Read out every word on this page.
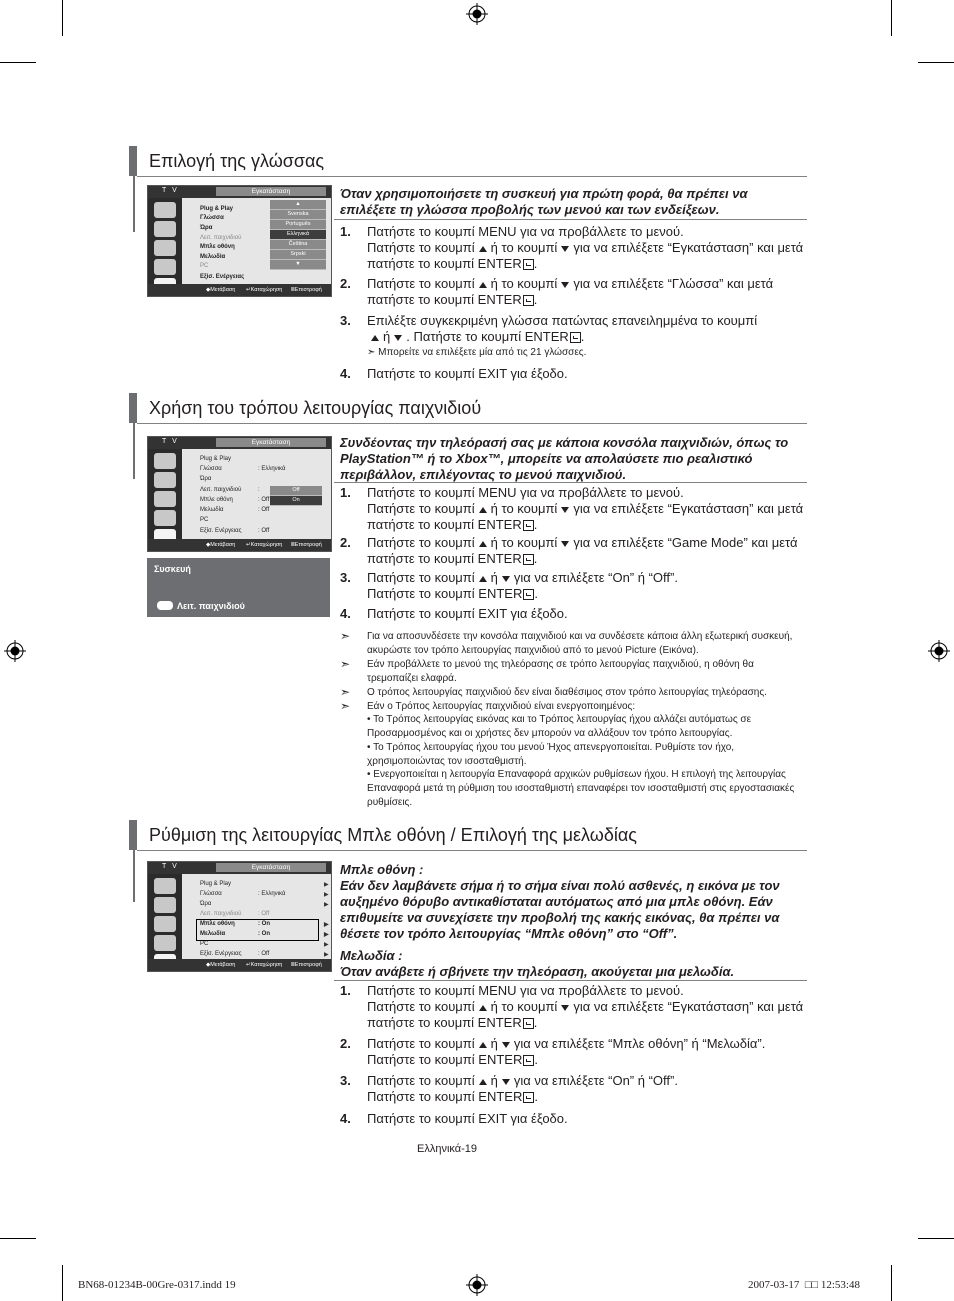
Επιλογή της γλώσσας
T V	Εγκατάσταση
Plug & Play
Γλώσσα
Ώρα
Λειτ. παιχνιδιού
Μπλε οθόνη
Μελωδία
PC
Εξίσ. Ενέργειας
▲
Svenska
Português
Ελληνικά
Čeština
Srpski
▼
◆ Μετάβαση ↵ Καταχώρηση Ⅲ Επιστροφή
Όταν χρησιμοποιήσετε τη συσκευή για πρώτη φορά, θα πρέπει να επιλέξετε τη γλώσσα προβολής των μενού και των ενδείξεων.
1. Πατήστε το κουμπί MENU για να προβάλλετε το μενού.
Πατήστε το κουμπί ή το κουμπί για να επιλέξετε “Εγκατάσταση” και μετά πατήστε το κουμπί ENTER .
2. Πατήστε το κουμπί ή το κουμπί για να επιλέξετε “Γλώσσα” και μετά πατήστε το κουμπί ENTER .
3. Επιλέξτε συγκεκριμένη γλώσσα πατώντας επανειλημμένα το κουμπί
ή . Πατήστε το κουμπί ENTER .
➣ Μπορείτε να επιλέξετε μία από τις 21 γλώσσες.
4. Πατήστε το κουμπί EXIT για έξοδο.
Χρήση του τρόπου λειτουργίας παιχνιδιού
T V	Εγκατάσταση
Plug & Play
Γλώσσα	: Ελληνικά
Ώρα
Λειτ. παιχνιδιού	:
Μπλε οθόνη	: Off
Μελωδία	: Off
PC
Εξίσ. Ενέργειας	: Off
Off
On
◆ Μετάβαση ↵ Καταχώρηση Ⅲ Επιστροφή
Συσκευή
Λειτ. παιχνιδιού
Συνδέοντας την τηλεόρασή σας με κάποια κονσόλα παιχνιδιών, όπως το PlayStation™ ή το Xbox™, μπορείτε να απολαύσετε πιο ρεαλιστικό περιβάλλον, επιλέγοντας το μενού παιχνιδιού.
1. Πατήστε το κουμπί MENU για να προβάλλετε το μενού.
Πατήστε το κουμπί ή το κουμπί για να επιλέξετε “Εγκατάσταση” και μετά πατήστε το κουμπί ENTER .
2. Πατήστε το κουμπί ή το κουμπί για να επιλέξετε “Game Mode” και μετά πατήστε το κουμπί ENTER .
3. Πατήστε το κουμπί ή για να επιλέξετε “On” ή “Off”.
Πατήστε το κουμπί ENTER .
4. Πατήστε το κουμπί EXIT για έξοδο.
➣ Για να αποσυνδέσετε την κονσόλα παιχνιδιού και να συνδέσετε κάποια άλλη εξωτερική συσκευή, ακυρώστε τον τρόπο λειτουργίας παιχνιδιού από το μενού Picture (Εικόνα).
➣ Εάν προβάλλετε το μενού της τηλεόρασης σε τρόπο λειτουργίας παιχνιδιού, η οθόνη θα τρεμοπαίζει ελαφρά.
➣ Ο τρόπος λειτουργίας παιχνιδιού δεν είναι διαθέσιμος στον τρόπο λειτουργίας τηλεόρασης.
➣ Εάν ο Τρόπος λειτουργίας παιχνιδιού είναι ενεργοποιημένος:
• Το Τρόπος λειτουργίας εικόνας και το Τρόπος λειτουργίας ήχου αλλάζει αυτόματως σε Προσαρμοσμένος και οι χρήστες δεν μπορούν να αλλάξουν τον τρόπο λειτουργίας.
• Το Τρόπος λειτουργίας ήχου του μενού Ήχος απενεργοποιείται. Ρυθμίστε τον ήχο, χρησιμοποιώντας τον ισοσταθμιστή.
• Ενεργοποιείται η λειτουργία Επαναφορά αρχικών ρυθμίσεων ήχου. Η επιλογή της λειτουργίας Επαναφορά μετά τη ρύθμιση του ισοσταθμιστή επαναφέρει τον ισοσταθμιστή στις εργοστασιακές ρυθμίσεις.
Ρύθμιση της λειτουργίας Μπλε οθόνη / Επιλογή της μελωδίας
T V	Εγκατάσταση
Plug & Play	▶
Γλώσσα	: Ελληνικά	▶
Ώρα	▶
Λειτ. παιχνιδιού	: Off
Μπλε οθόνη	: On	▶
Μελωδία	: On	▶
PC	▶
Εξίσ. Ενέργειας	: Off	▶
◆ Μετάβαση ↵ Καταχώρηση Ⅲ Επιστροφή
Μπλε οθόνη :
Εάν δεν λαμβάνετε σήμα ή το σήμα είναι πολύ ασθενές, η εικόνα με τον αυξημένο θόρυβο αντικαθίσταται αυτόματως από μια μπλε οθόνη. Εάν επιθυμείτε να συνεχίσετε την προβολή της κακής εικόνας, θα πρέπει να θέσετε τον τρόπο λειτουργίας “Μπλε οθόνη” στο “Off”.
Μελωδία :
Όταν ανάβετε ή σβήνετε την τηλεόραση, ακούγεται μια μελωδία.
1. Πατήστε το κουμπί MENU για να προβάλλετε το μενού.
Πατήστε το κουμπί ή το κουμπί για να επιλέξετε “Εγκατάσταση” και μετά πατήστε το κουμπί ENTER .
2. Πατήστε το κουμπί ή για να επιλέξετε “Μπλε οθόνη” ή “Μελωδία”.
Πατήστε το κουμπί ENTER .
3. Πατήστε το κουμπί ή για να επιλέξετε “On” ή “Off”.
Πατήστε το κουμπί ENTER .
4. Πατήστε το κουμπί EXIT για έξοδο.
Ελληνικά-19
BN68-01234B-00Gre-0317.indd 19	2007-03-17 □□ 12:53:48
